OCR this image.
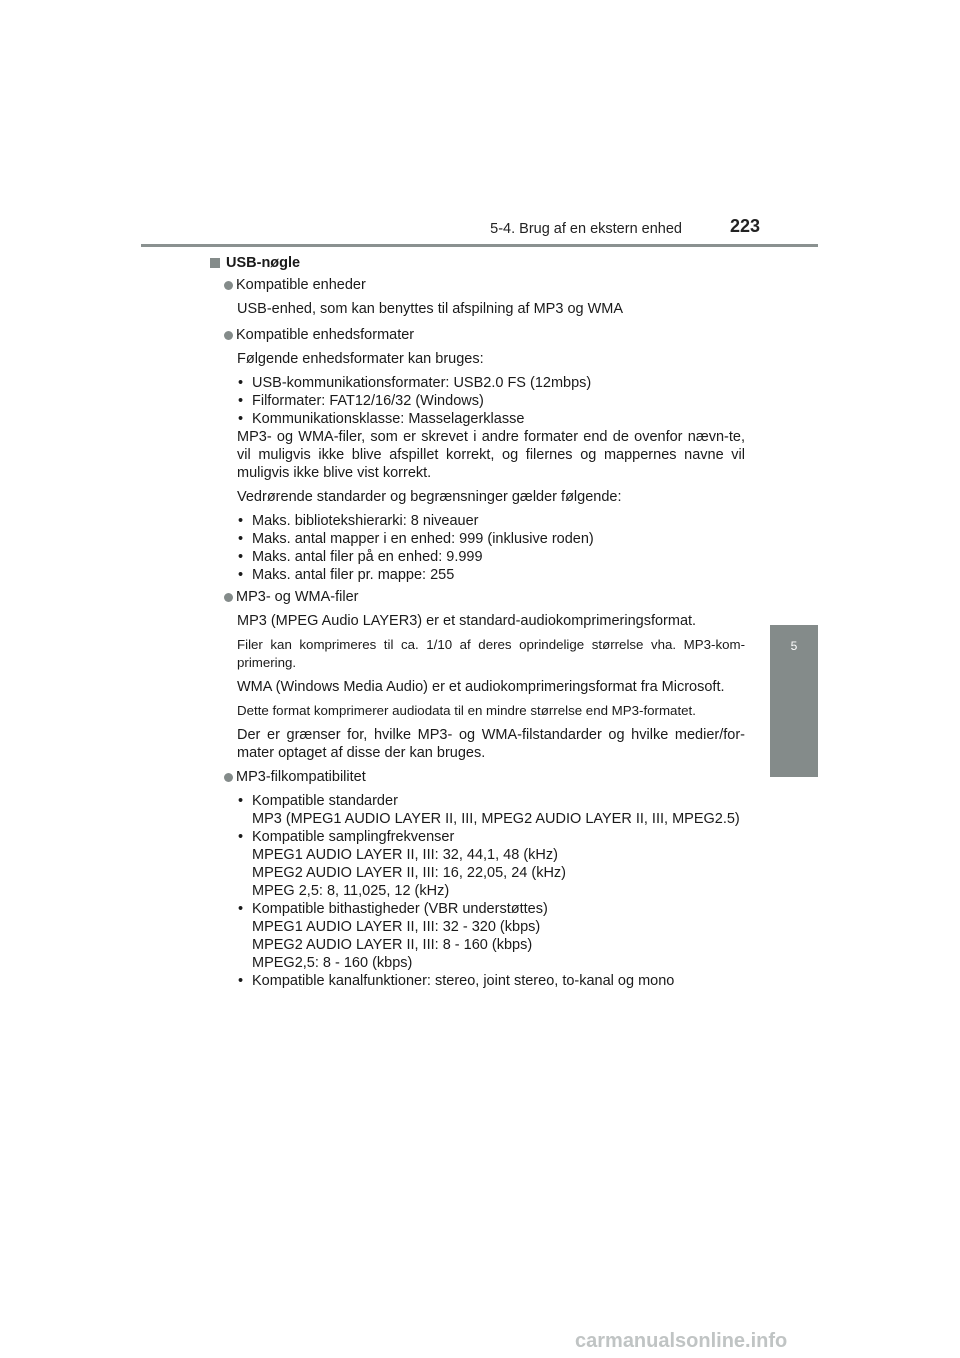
5-4. Brug af en ekstern enhed	223
5
Audiosystem
USB-nøgle
Kompatible enheder
USB-enhed, som kan benyttes til afspilning af MP3 og WMA
Kompatible enhedsformater
Følgende enhedsformater kan bruges:
• USB-kommunikationsformater: USB2.0 FS (12mbps)
• Filformater: FAT12/16/32 (Windows)
• Kommunikationsklasse: Masselagerklasse
MP3- og WMA-filer, som er skrevet i andre formater end de ovenfor nævn-te, vil muligvis ikke blive afspillet korrekt, og filernes og mappernes navne vil muligvis ikke blive vist korrekt.
Vedrørende standarder og begrænsninger gælder følgende:
• Maks. bibliotekshierarki: 8 niveauer
• Maks. antal mapper i en enhed: 999 (inklusive roden)
• Maks. antal filer på en enhed: 9.999
• Maks. antal filer pr. mappe: 255
MP3- og WMA-filer
MP3 (MPEG Audio LAYER3) er et standard-audiokomprimeringsformat.
Filer kan komprimeres til ca. 1/10 af deres oprindelige størrelse vha. MP3-kom-primering.
WMA (Windows Media Audio) er et audiokomprimeringsformat fra Microsoft.
Dette format komprimerer audiodata til en mindre størrelse end MP3-formatet.
Der er grænser for, hvilke MP3- og WMA-filstandarder og hvilke medier/for-mater optaget af disse der kan bruges.
MP3-filkompatibilitet
• Kompatible standarder
MP3 (MPEG1 AUDIO LAYER II, III, MPEG2 AUDIO LAYER II, III, MPEG2.5)
• Kompatible samplingfrekvenser
MPEG1 AUDIO LAYER II, III: 32, 44,1, 48 (kHz)
MPEG2 AUDIO LAYER II, III: 16, 22,05, 24 (kHz)
MPEG 2,5: 8, 11,025, 12 (kHz)
• Kompatible bithastigheder (VBR understøttes)
MPEG1 AUDIO LAYER II, III: 32 - 320 (kbps)
MPEG2 AUDIO LAYER II, III: 8 - 160 (kbps)
MPEG2,5: 8 - 160 (kbps)
• Kompatible kanalfunktioner: stereo, joint stereo, to-kanal og mono
carmanualsonline.info
